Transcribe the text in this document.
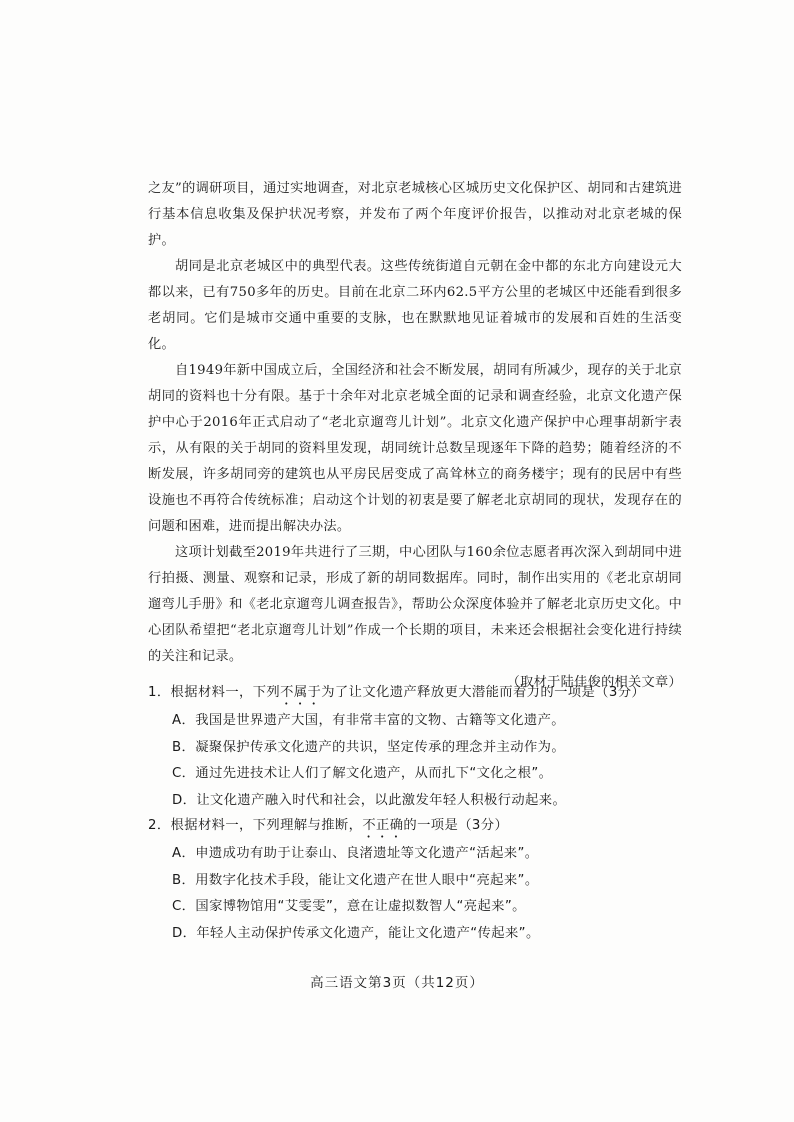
之友”的调研项目，通过实地调查，对北京老城核心区城历史文化保护区、胡同和古建筑进行基本信息收集及保护状况考察，并发布了两个年度评价报告，以推动对北京老城的保护。

胡同是北京老城区中的典型代表。这些传统街道自元朝在金中都的东北方向建设元大都以来，已有750多年的历史。目前在北京二环内62.5平方公里的老城区中还能看到很多老胡同。它们是城市交通中重要的支脉，也在默默地见证着城市的发展和百姓的生活变化。

自1949年新中国成立后，全国经济和社会不断发展，胡同有所减少，现存的关于北京胡同的资料也十分有限。基于十余年对北京老城全面的记录和调查经验，北京文化遗产保护中心于2016年正式启动了“老北京遛弯儿计划”。北京文化遗产保护中心理事胡新宇表示，从有限的关于胡同的资料里发现，胡同统计总数呈现逐年下降的趋势；随着经济的不断发展，许多胡同旁的建筑也从平房民居变成了高耸林立的商务楼宇；现有的民居中有些设施也不再符合传统标准；启动这个计划的初衷是要了解老北京胡同的现状，发现存在的问题和困难，进而提出解决办法。

这项计划截至2019年共进行了三期，中心团队与160余位志愿者再次深入到胡同中进行拍摄、测量、观察和记录，形成了新的胡同数据库。同时，制作出实用的《老北京胡同遛弯儿手册》和《老北京遛弯儿调查报告》，帮助公众深度体验并了解老北京历史文化。中心团队希望把“老北京遛弯儿计划”作成一个长期的项目，未来还会根据社会变化进行持续的关注和记录。

（取材于陆佳俊的相关文章）

1．根据材料一，下列不属于为了让文化遗产释放更大潜能而着力的一项是（3分）

A．我国是世界遗产大国，有非常丰富的文物、古籍等文化遗产。

B．凝聚保护传承文化遗产的共识，坚定传承的理念并主动作为。

C．通过先进技术让人们了解文化遗产，从而扎下“文化之根”。

D．让文化遗产融入时代和社会，以此激发年轻人积极行动起来。

2．根据材料一，下列理解与推断，不正确的一项是（3分）

A．申遗成功有助于让泰山、良渚遗址等文化遗产“活起来”。

B．用数字化技术手段，能让文化遗产在世人眼中“亮起来”。

C．国家博物馆用“艾雯雯”，意在让虚拟数智人“亮起来”。

D．年轻人主动保护传承文化遗产，能让文化遗产“传起来”。

高三语文第3页（共12页）
